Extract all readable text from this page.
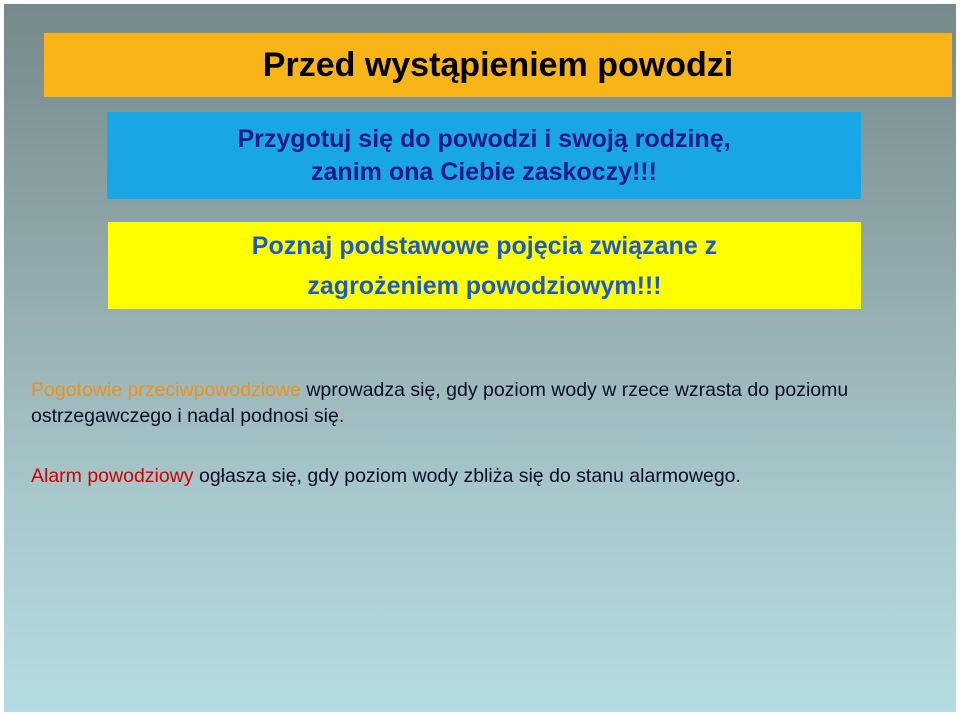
Przed wystąpieniem powodzi
Przygotuj się do powodzi i swoją rodzinę,
zanim ona Ciebie zaskoczy!!!
Poznaj podstawowe pojęcia związane z
zagrożeniem powodziowym!!!
Pogotowie przeciwpowodziowe wprowadza się, gdy poziom wody w rzece wzrasta do poziomu ostrzegawczego i nadal podnosi się.
Alarm powodziowy ogłasza się, gdy poziom wody zbliża się do stanu alarmowego.
